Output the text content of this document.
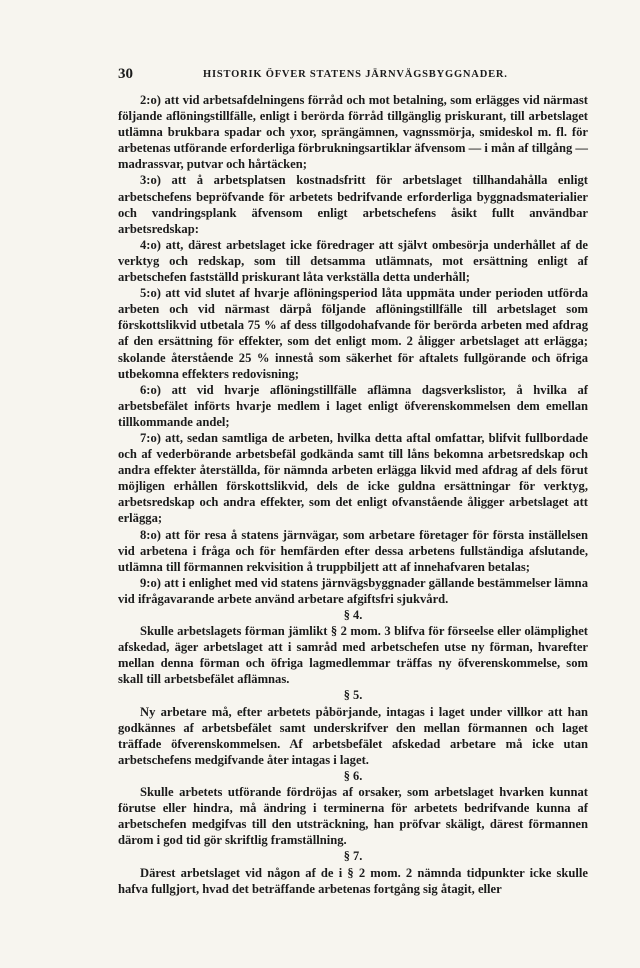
30	HISTORIK ÖFVER STATENS JÄRNVÄGSBYGGNADER.

2:o) att vid arbetsafdelningens förråd och mot betalning, som erlägges vid närmast följande aflöningstillfälle, enligt i berörda förråd tillgänglig priskurant, till arbetslaget utlämna brukbara spadar och yxor, sprängämnen, vagnssmörja, smideskol m. fl. för arbetenas utförande erforderliga förbrukningsartiklar äfvensom — i mån af tillgång — madrassvar, putvar och hårtäcken;

3:o) att å arbetsplatsen kostnadsfritt för arbetslaget tillhandahålla enligt arbetschefens bepröfvande för arbetets bedrifvande erforderliga byggnadsmaterialier och vandringsplank äfvensom enligt arbetschefens åsikt fullt användbar arbetsredskap:

4:o) att, därest arbetslaget icke föredrager att självt ombesörja underhållet af de verktyg och redskap, som till detsamma utlämnats, mot ersättning enligt af arbetschefen fastställd priskurant låta verkställa detta underhåll;

5:o) att vid slutet af hvarje aflöningsperiod låta uppmäta under perioden utförda arbeten och vid närmast därpå följande aflöningstillfälle till arbetslaget som förskottslikvid utbetala 75 % af dess tillgodohafvande för berörda arbeten med afdrag af den ersättning för effekter, som det enligt mom. 2 åligger arbetslaget att erlägga; skolande återstående 25 % innestå som säkerhet för aftalets fullgörande och öfriga utbekomna effekters redovisning;

6:o) att vid hvarje aflöningstillfälle aflämna dagsverkslistor, å hvilka af arbetsbefälet införts hvarje medlem i laget enligt öfverenskommelsen dem emellan tillkommande andel;

7:o) att, sedan samtliga de arbeten, hvilka detta aftal omfattar, blifvit fullbordade och af vederbörande arbetsbefäl godkända samt till låns bekomna arbetsredskap och andra effekter återställda, för nämnda arbeten erlägga likvid med afdrag af dels förut möjligen erhållen förskottslikvid, dels de icke guldna ersättningar för verktyg, arbetsredskap och andra effekter, som det enligt ofvanstående åligger arbetslaget att erlägga;

8:o) att för resa å statens järnvägar, som arbetare företager för första inställelsen vid arbetena i fråga och för hemfärden efter dessa arbetens fullständiga afslutande, utlämna till förmannen rekvisition å truppbiljett att af innehafvaren betalas;

9:o) att i enlighet med vid statens järnvägsbyggnader gällande bestämmelser lämna vid ifrågavarande arbete använd arbetare afgiftsfri sjukvård.

§ 4.

Skulle arbetslagets förman jämlikt § 2 mom. 3 blifva för förseelse eller olämplighet afskedad, äger arbetslaget att i samråd med arbetschefen utse ny förman, hvarefter mellan denna förman och öfriga lagmedlemmar träffas ny öfverenskommelse, som skall till arbetsbefälet aflämnas.

§ 5.

Ny arbetare må, efter arbetets påbörjande, intagas i laget under villkor att han godkännes af arbetsbefälet samt underskrifver den mellan förmannen och laget träffade öfverenskommelsen. Af arbetsbefälet afskedad arbetare må icke utan arbetschefens medgifvande åter intagas i laget.

§ 6.

Skulle arbetets utförande fördröjas af orsaker, som arbetslaget hvarken kunnat förutse eller hindra, må ändring i terminerna för arbetets bedrifvande kunna af arbetschefen medgifvas till den utsträckning, han pröfvar skäligt, därest förmannen därom i god tid gör skriftlig framställning.

§ 7.

Därest arbetslaget vid någon af de i § 2 mom. 2 nämnda tidpunkter icke skulle hafva fullgjort, hvad det beträffande arbetenas fortgång sig åtagit, eller
